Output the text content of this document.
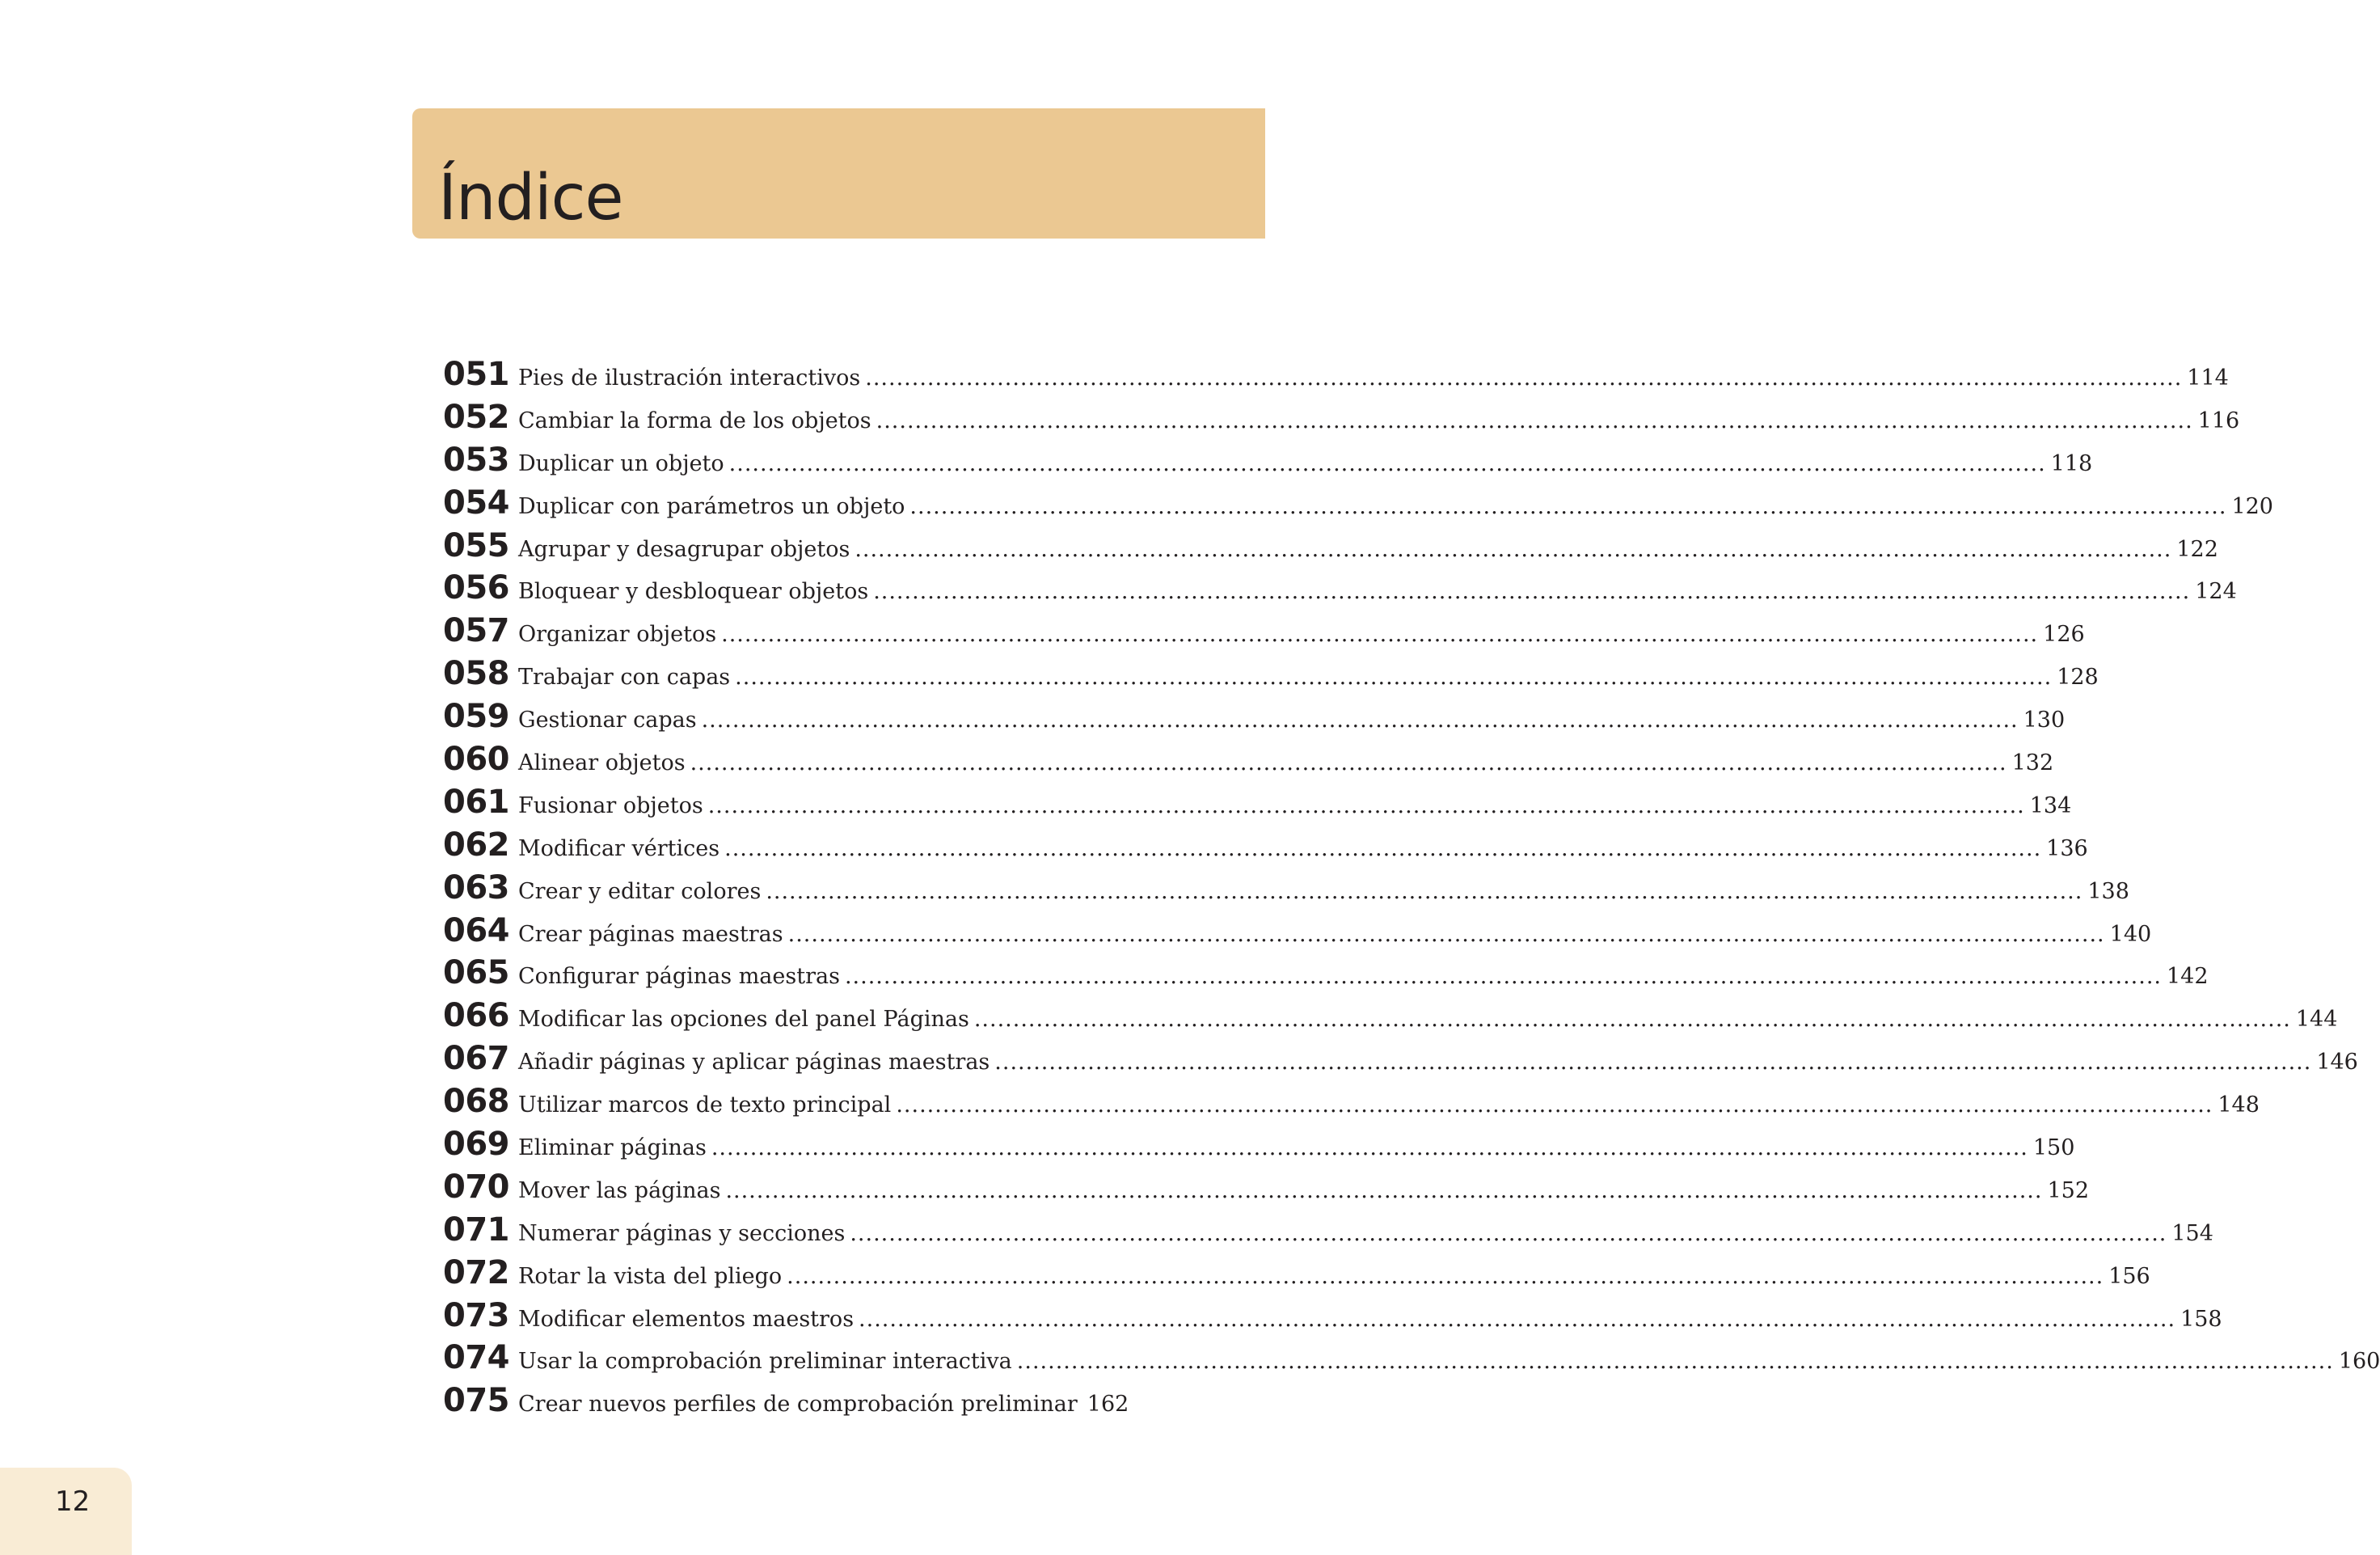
Índice
051 Pies de ilustración interactivos .......................................................................................................................................................................... 114
052 Cambiar la forma de los objetos .......................................................................................................................................................................... 116
053 Duplicar un objeto .......................................................................................................................................................................... 118
054 Duplicar con parámetros un objeto .......................................................................................................................................................................... 120
055 Agrupar y desagrupar objetos .......................................................................................................................................................................... 122
056 Bloquear y desbloquear objetos .......................................................................................................................................................................... 124
057 Organizar objetos .......................................................................................................................................................................... 126
058 Trabajar con capas .......................................................................................................................................................................... 128
059 Gestionar capas .......................................................................................................................................................................... 130
060 Alinear objetos .......................................................................................................................................................................... 132
061 Fusionar objetos .......................................................................................................................................................................... 134
062 Modificar vértices .......................................................................................................................................................................... 136
063 Crear y editar colores .......................................................................................................................................................................... 138
064 Crear páginas maestras .......................................................................................................................................................................... 140
065 Configurar páginas maestras .......................................................................................................................................................................... 142
066 Modificar las opciones del panel Páginas .......................................................................................................................................................................... 144
067 Añadir páginas y aplicar páginas maestras .......................................................................................................................................................................... 146
068 Utilizar marcos de texto principal .......................................................................................................................................................................... 148
069 Eliminar páginas .......................................................................................................................................................................... 150
070 Mover las páginas .......................................................................................................................................................................... 152
071 Numerar páginas y secciones .......................................................................................................................................................................... 154
072 Rotar la vista del pliego .......................................................................................................................................................................... 156
073 Modificar elementos maestros .......................................................................................................................................................................... 158
074 Usar la comprobación preliminar interactiva .......................................................................................................................................................................... 160
075 Crear nuevos perfiles de comprobación preliminar 162
12
